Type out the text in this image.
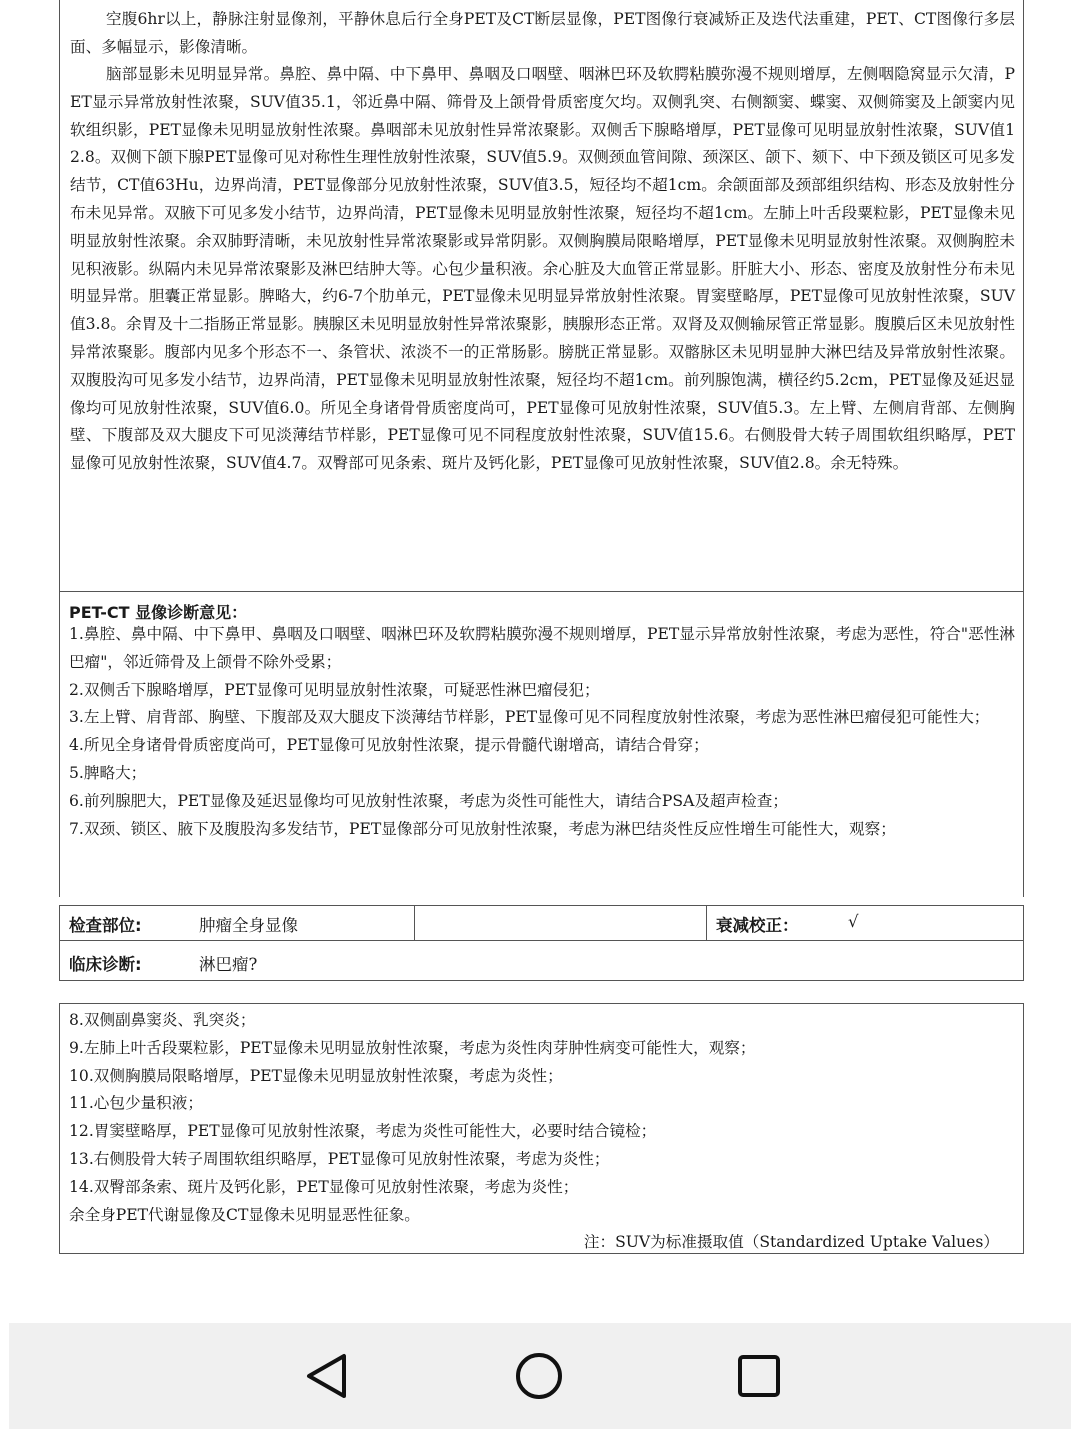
空腹6hr以上，静脉注射显像剂，平静休息后行全身PET及CT断层显像，PET图像行衰减矫正及迭代法重建，PET、CT图像行多层面、多幅显示，影像清晰。

脑部显影未见明显异常。鼻腔、鼻中隔、中下鼻甲、鼻咽及口咽壁、咽淋巴环及软腭粘膜弥漫不规则增厚，左侧咽隐窝显示欠清，PET显示异常放射性浓聚，SUV值35.1，邻近鼻中隔、筛骨及上颌骨骨质密度欠均。双侧乳突、右侧额窦、蝶窦、双侧筛窦及上颌窦内见软组织影，PET显像未见明显放射性浓聚。鼻咽部未见放射性异常浓聚影。双侧舌下腺略增厚，PET显像可见明显放射性浓聚，SUV值12.8。双侧下颌下腺PET显像可见对称性生理性放射性浓聚，SUV值5.9。双侧颈血管间隙、颈深区、颌下、颏下、中下颈及锁区可见多发结节，CT值63Hu，边界尚清，PET显像部分见放射性浓聚，SUV值3.5，短径均不超1cm。余颌面部及颈部组织结构、形态及放射性分布未见异常。双腋下可见多发小结节，边界尚清，PET显像未见明显放射性浓聚，短径均不超1cm。左肺上叶舌段粟粒影，PET显像未见明显放射性浓聚。余双肺野清晰，未见放射性异常浓聚影或异常阴影。双侧胸膜局限略增厚，PET显像未见明显放射性浓聚。双侧胸腔未见积液影。纵隔内未见异常浓聚影及淋巴结肿大等。心包少量积液。余心脏及大血管正常显影。肝脏大小、形态、密度及放射性分布未见明显异常。胆囊正常显影。脾略大，约6-7个肋单元，PET显像未见明显异常放射性浓聚。胃窦壁略厚，PET显像可见放射性浓聚，SUV值3.8。余胃及十二指肠正常显影。胰腺区未见明显放射性异常浓聚影，胰腺形态正常。双肾及双侧输尿管正常显影。腹膜后区未见放射性异常浓聚影。腹部内见多个形态不一、条管状、浓淡不一的正常肠影。膀胱正常显影。双髂脉区未见明显肿大淋巴结及异常放射性浓聚。双腹股沟可见多发小结节，边界尚清，PET显像未见明显放射性浓聚，短径均不超1cm。前列腺饱满，横径约5.2cm，PET显像及延迟显像均可见放射性浓聚，SUV值6.0。所见全身诸骨骨质密度尚可，PET显像可见放射性浓聚，SUV值5.3。左上臂、左侧肩背部、左侧胸壁、下腹部及双大腿皮下可见淡薄结节样影，PET显像可见不同程度放射性浓聚，SUV值15.6。右侧股骨大转子周围软组织略厚，PET显像可见放射性浓聚，SUV值4.7。双臀部可见条索、斑片及钙化影，PET显像可见放射性浓聚，SUV值2.8。余无特殊。

PET-CT 显像诊断意见：

1.鼻腔、鼻中隔、中下鼻甲、鼻咽及口咽壁、咽淋巴环及软腭粘膜弥漫不规则增厚，PET显示异常放射性浓聚，考虑为恶性，符合"恶性淋巴瘤"，邻近筛骨及上颌骨不除外受累；

2.双侧舌下腺略增厚，PET显像可见明显放射性浓聚，可疑恶性淋巴瘤侵犯；

3.左上臂、肩背部、胸壁、下腹部及双大腿皮下淡薄结节样影，PET显像可见不同程度放射性浓聚，考虑为恶性淋巴瘤侵犯可能性大；

4.所见全身诸骨骨质密度尚可，PET显像可见放射性浓聚，提示骨髓代谢增高，请结合骨穿；

5.脾略大；

6.前列腺肥大，PET显像及延迟显像均可见放射性浓聚，考虑为炎性可能性大，请结合PSA及超声检查；

7.双颈、锁区、腋下及腹股沟多发结节，PET显像部分可见放射性浓聚，考虑为淋巴结炎性反应性增生可能性大，观察；

检查部位:	肿瘤全身显像	衰减校正：	√
临床诊断:	淋巴瘤?

8.双侧副鼻窦炎、乳突炎；

9.左肺上叶舌段粟粒影，PET显像未见明显放射性浓聚，考虑为炎性肉芽肿性病变可能性大，观察；

10.双侧胸膜局限略增厚，PET显像未见明显放射性浓聚，考虑为炎性；

11.心包少量积液；

12.胃窦壁略厚，PET显像可见放射性浓聚，考虑为炎性可能性大，必要时结合镜检；

13.右侧股骨大转子周围软组织略厚，PET显像可见放射性浓聚，考虑为炎性；

14.双臀部条索、斑片及钙化影，PET显像可见放射性浓聚，考虑为炎性；

余全身PET代谢显像及CT显像未见明显恶性征象。

注：SUV为标准摄取值（Standardized Uptake Values）
